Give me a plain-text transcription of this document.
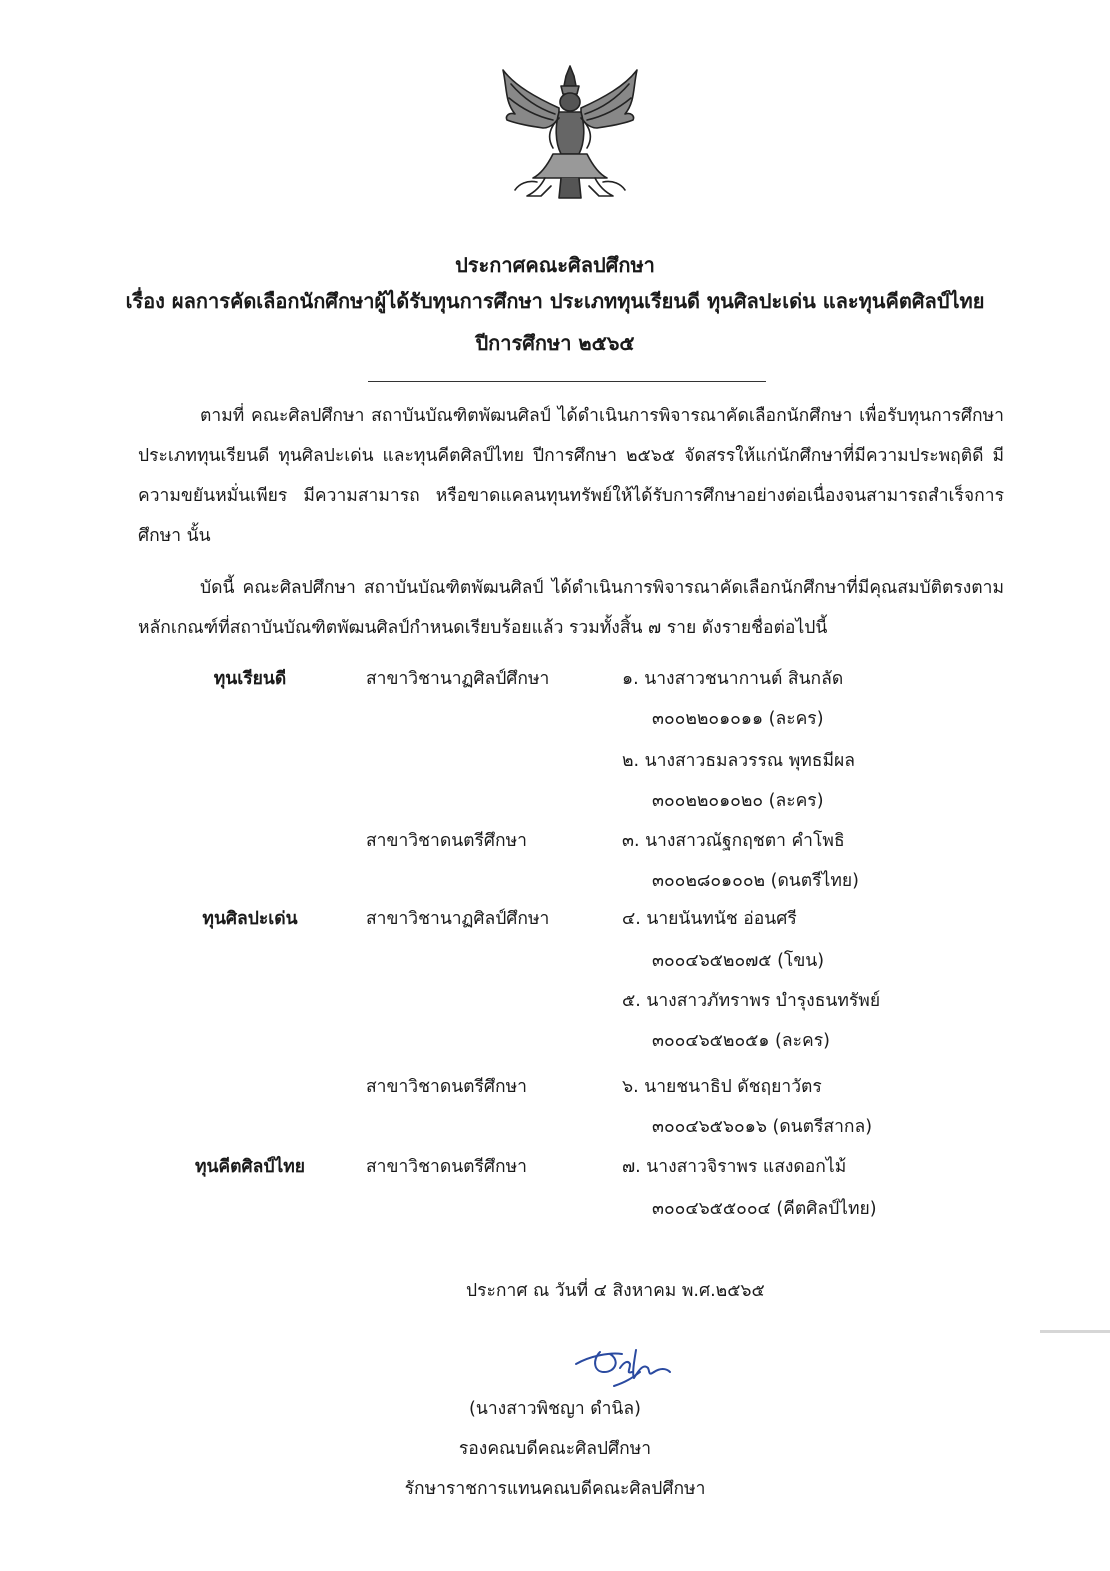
ประกาศคณะศิลปศึกษา
เรื่อง ผลการคัดเลือกนักศึกษาผู้ได้รับทุนการศึกษา ประเภททุนเรียนดี ทุนศิลปะเด่น และทุนคีตศิลป์ไทย
ปีการศึกษา ๒๕๖๕
ตามที่ คณะศิลปศึกษา สถาบันบัณฑิตพัฒนศิลป์ ได้ดำเนินการพิจารณาคัดเลือกนักศึกษา เพื่อรับทุนการศึกษา ประเภททุนเรียนดี ทุนศิลปะเด่น และทุนคีตศิลป์ไทย ปีการศึกษา ๒๕๖๕ จัดสรรให้แก่นักศึกษาที่มีความประพฤติดี มีความขยันหมั่นเพียร มีความสามารถ หรือขาดแคลนทุนทรัพย์ให้ได้รับการศึกษาอย่างต่อเนื่องจนสามารถสำเร็จการศึกษา นั้น
บัดนี้ คณะศิลปศึกษา สถาบันบัณฑิตพัฒนศิลป์ ได้ดำเนินการพิจารณาคัดเลือกนักศึกษาที่มีคุณสมบัติตรงตามหลักเกณฑ์ที่สถาบันบัณฑิตพัฒนศิลป์กำหนดเรียบร้อยแล้ว รวมทั้งสิ้น ๗ ราย ดังรายชื่อต่อไปนี้
ทุนเรียนดี
ทุนศิลปะเด่น
ทุนคีตศิลป์ไทย
สาขาวิชานาฏศิลป์ศึกษา
สาขาวิชาดนตรีศึกษา
สาขาวิชานาฏศิลป์ศึกษา
สาขาวิชาดนตรีศึกษา
สาขาวิชาดนตรีศึกษา
๑. นางสาวชนากานต์ สินกลัด
๓๐๐๒๒๐๑๐๑๑ (ละคร)
๒. นางสาวธมลวรรณ พุทธมีผล
๓๐๐๒๒๐๑๐๒๐ (ละคร)
๓. นางสาวณัฐกฤชตา คำโพธิ
๓๐๐๒๘๐๑๐๐๒ (ดนตรีไทย)
๔. นายนันทนัช อ่อนศรี
๓๐๐๔๖๕๒๐๗๕ (โขน)
๕. นางสาวภัทราพร บำรุงธนทรัพย์
๓๐๐๔๖๕๒๐๕๑ (ละคร)
๖. นายชนาธิป ดัชฤยาวัตร
๓๐๐๔๖๕๖๐๑๖ (ดนตรีสากล)
๗. นางสาวจิราพร แสงดอกไม้
๓๐๐๔๖๕๕๐๐๔ (คีตศิลป์ไทย)
ประกาศ ณ วันที่ ๔ สิงหาคม พ.ศ.๒๕๖๕
(นางสาวพิชญา ดำนิล)
รองคณบดีคณะศิลปศึกษา
รักษาราชการแทนคณบดีคณะศิลปศึกษา
